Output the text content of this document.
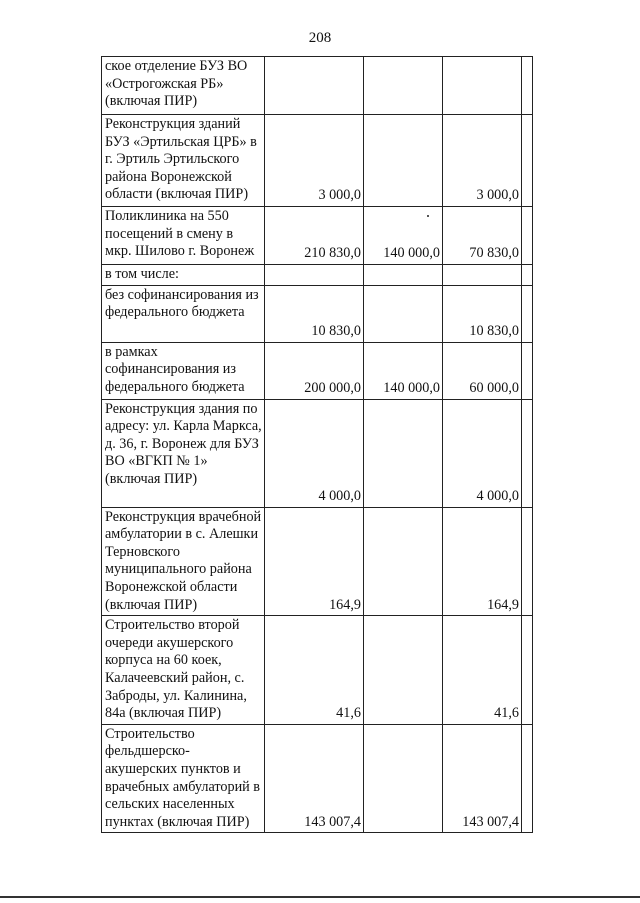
208
ское отделение БУЗ ВО «Острогожская РБ» (включая ПИР)				
Реконструкция зданий БУЗ «Эртильская ЦРБ» в г. Эртиль Эртильского района Воронежской области (включая ПИР)	3 000,0		3 000,0	
Поликлиника на 550 посещений в смену в мкр. Шилово г. Воронеж	210 830,0	140 000,0	70 830,0	
в том числе:				
без софинансирования из федерального бюджета	10 830,0		10 830,0	
в рамках софинансирования из федерального бюджета	200 000,0	140 000,0	60 000,0	
Реконструкция здания по адресу: ул. Карла Маркса, д. 36, г. Воронеж для БУЗ ВО «ВГКП № 1» (включая ПИР)	4 000,0		4 000,0	
Реконструкция врачебной амбулатории в с. Алешки Терновского муниципального района Воронежской области (включая ПИР)	164,9		164,9	
Строительство второй очереди акушерского корпуса на 60 коек, Калачеевский район, с. Заброды, ул. Калинина, 84а (включая ПИР)	41,6		41,6	
Строительство фельдшерско-акушерских пунктов и врачебных амбулаторий в сельских населенных пунктах (включая ПИР)	143 007,4		143 007,4	
